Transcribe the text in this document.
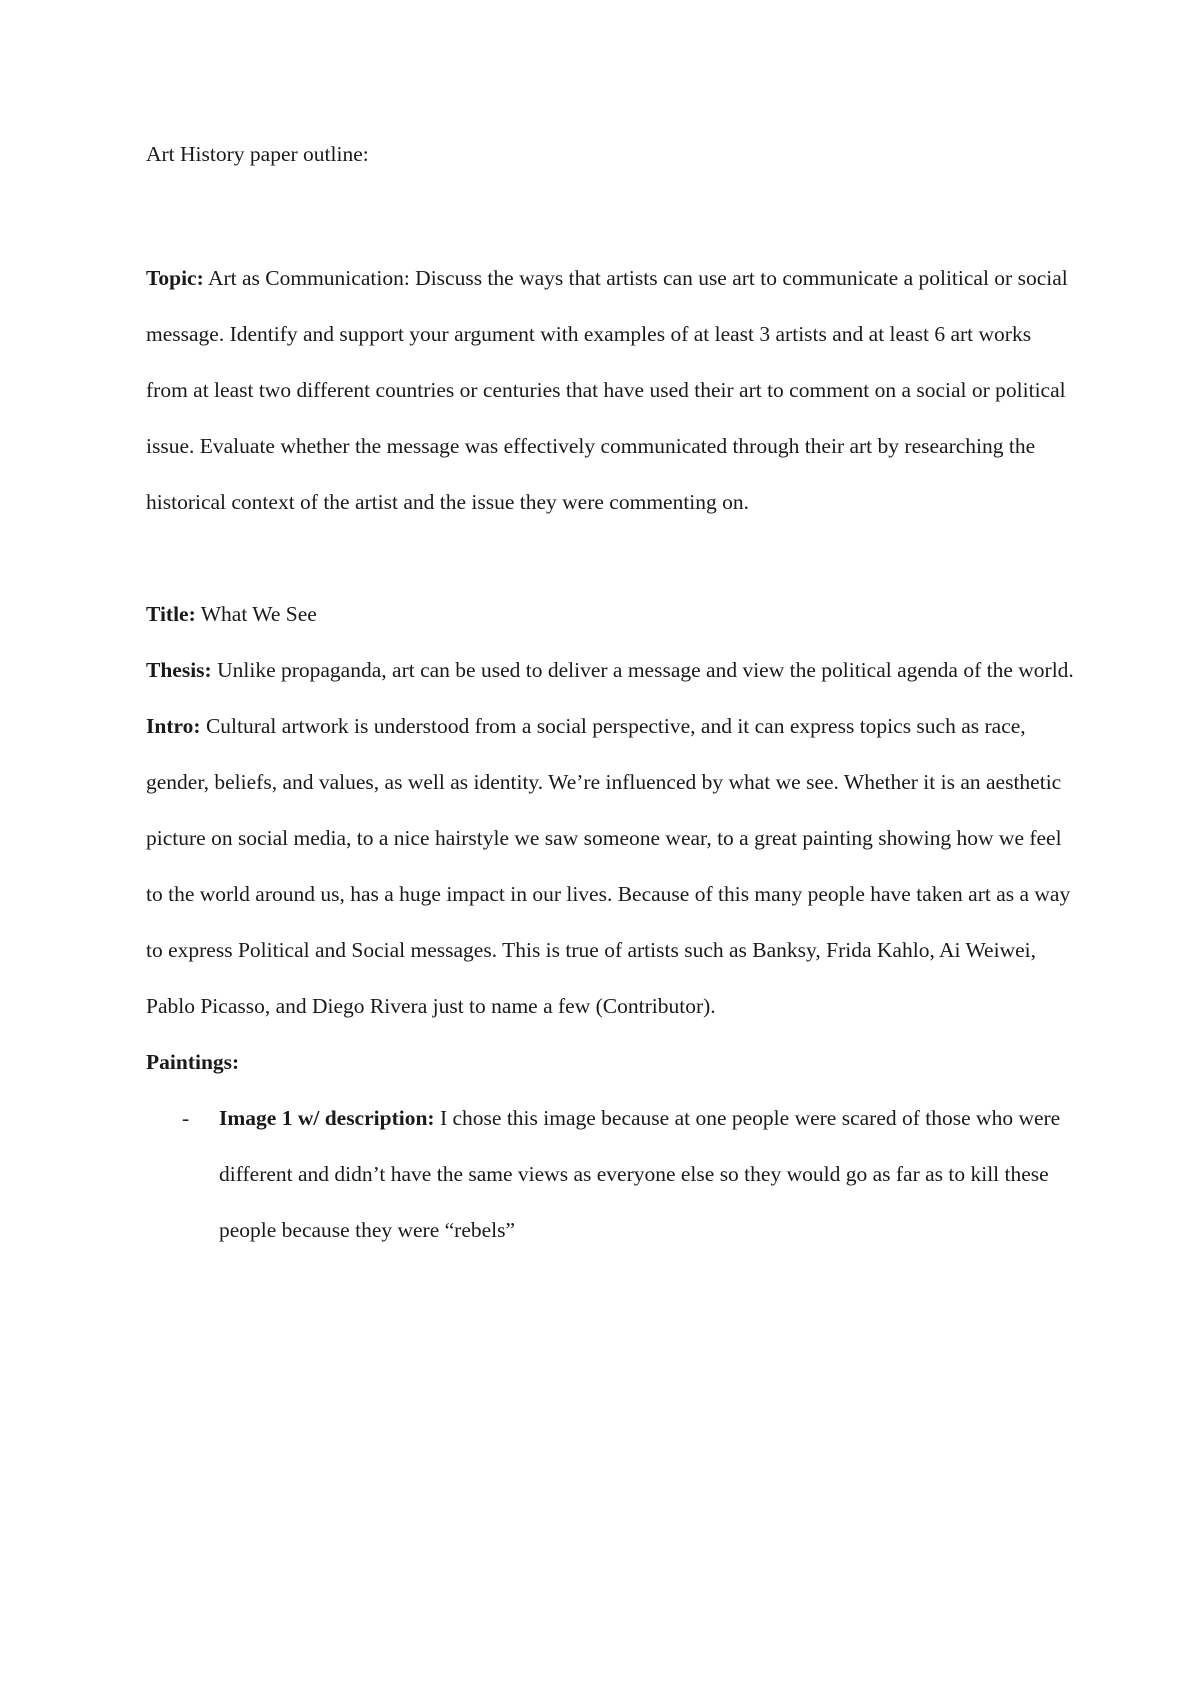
Art History paper outline:

Topic: Art as Communication: Discuss the ways that artists can use art to communicate a political or social message. Identify and support your argument with examples of at least 3 artists and at least 6 art works from at least two different countries or centuries that have used their art to comment on a social or political issue. Evaluate whether the message was effectively communicated through their art by researching the historical context of the artist and the issue they were commenting on.

Title: What We See

Thesis: Unlike propaganda, art can be used to deliver a message and view the political agenda of the world.

Intro: Cultural artwork is understood from a social perspective, and it can express topics such as race, gender, beliefs, and values, as well as identity. We’re influenced by what we see. Whether it is an aesthetic picture on social media, to a nice hairstyle we saw someone wear, to a great painting showing how we feel to the world around us, has a huge impact in our lives. Because of this many people have taken art as a way to express Political and Social messages. This is true of artists such as Banksy, Frida Kahlo, Ai Weiwei, Pablo Picasso, and Diego Rivera just to name a few (Contributor).

Paintings:

- Image 1 w/ description: I chose this image because at one people were scared of those who were different and didn’t have the same views as everyone else so they would go as far as to kill these people because they were “rebels”
